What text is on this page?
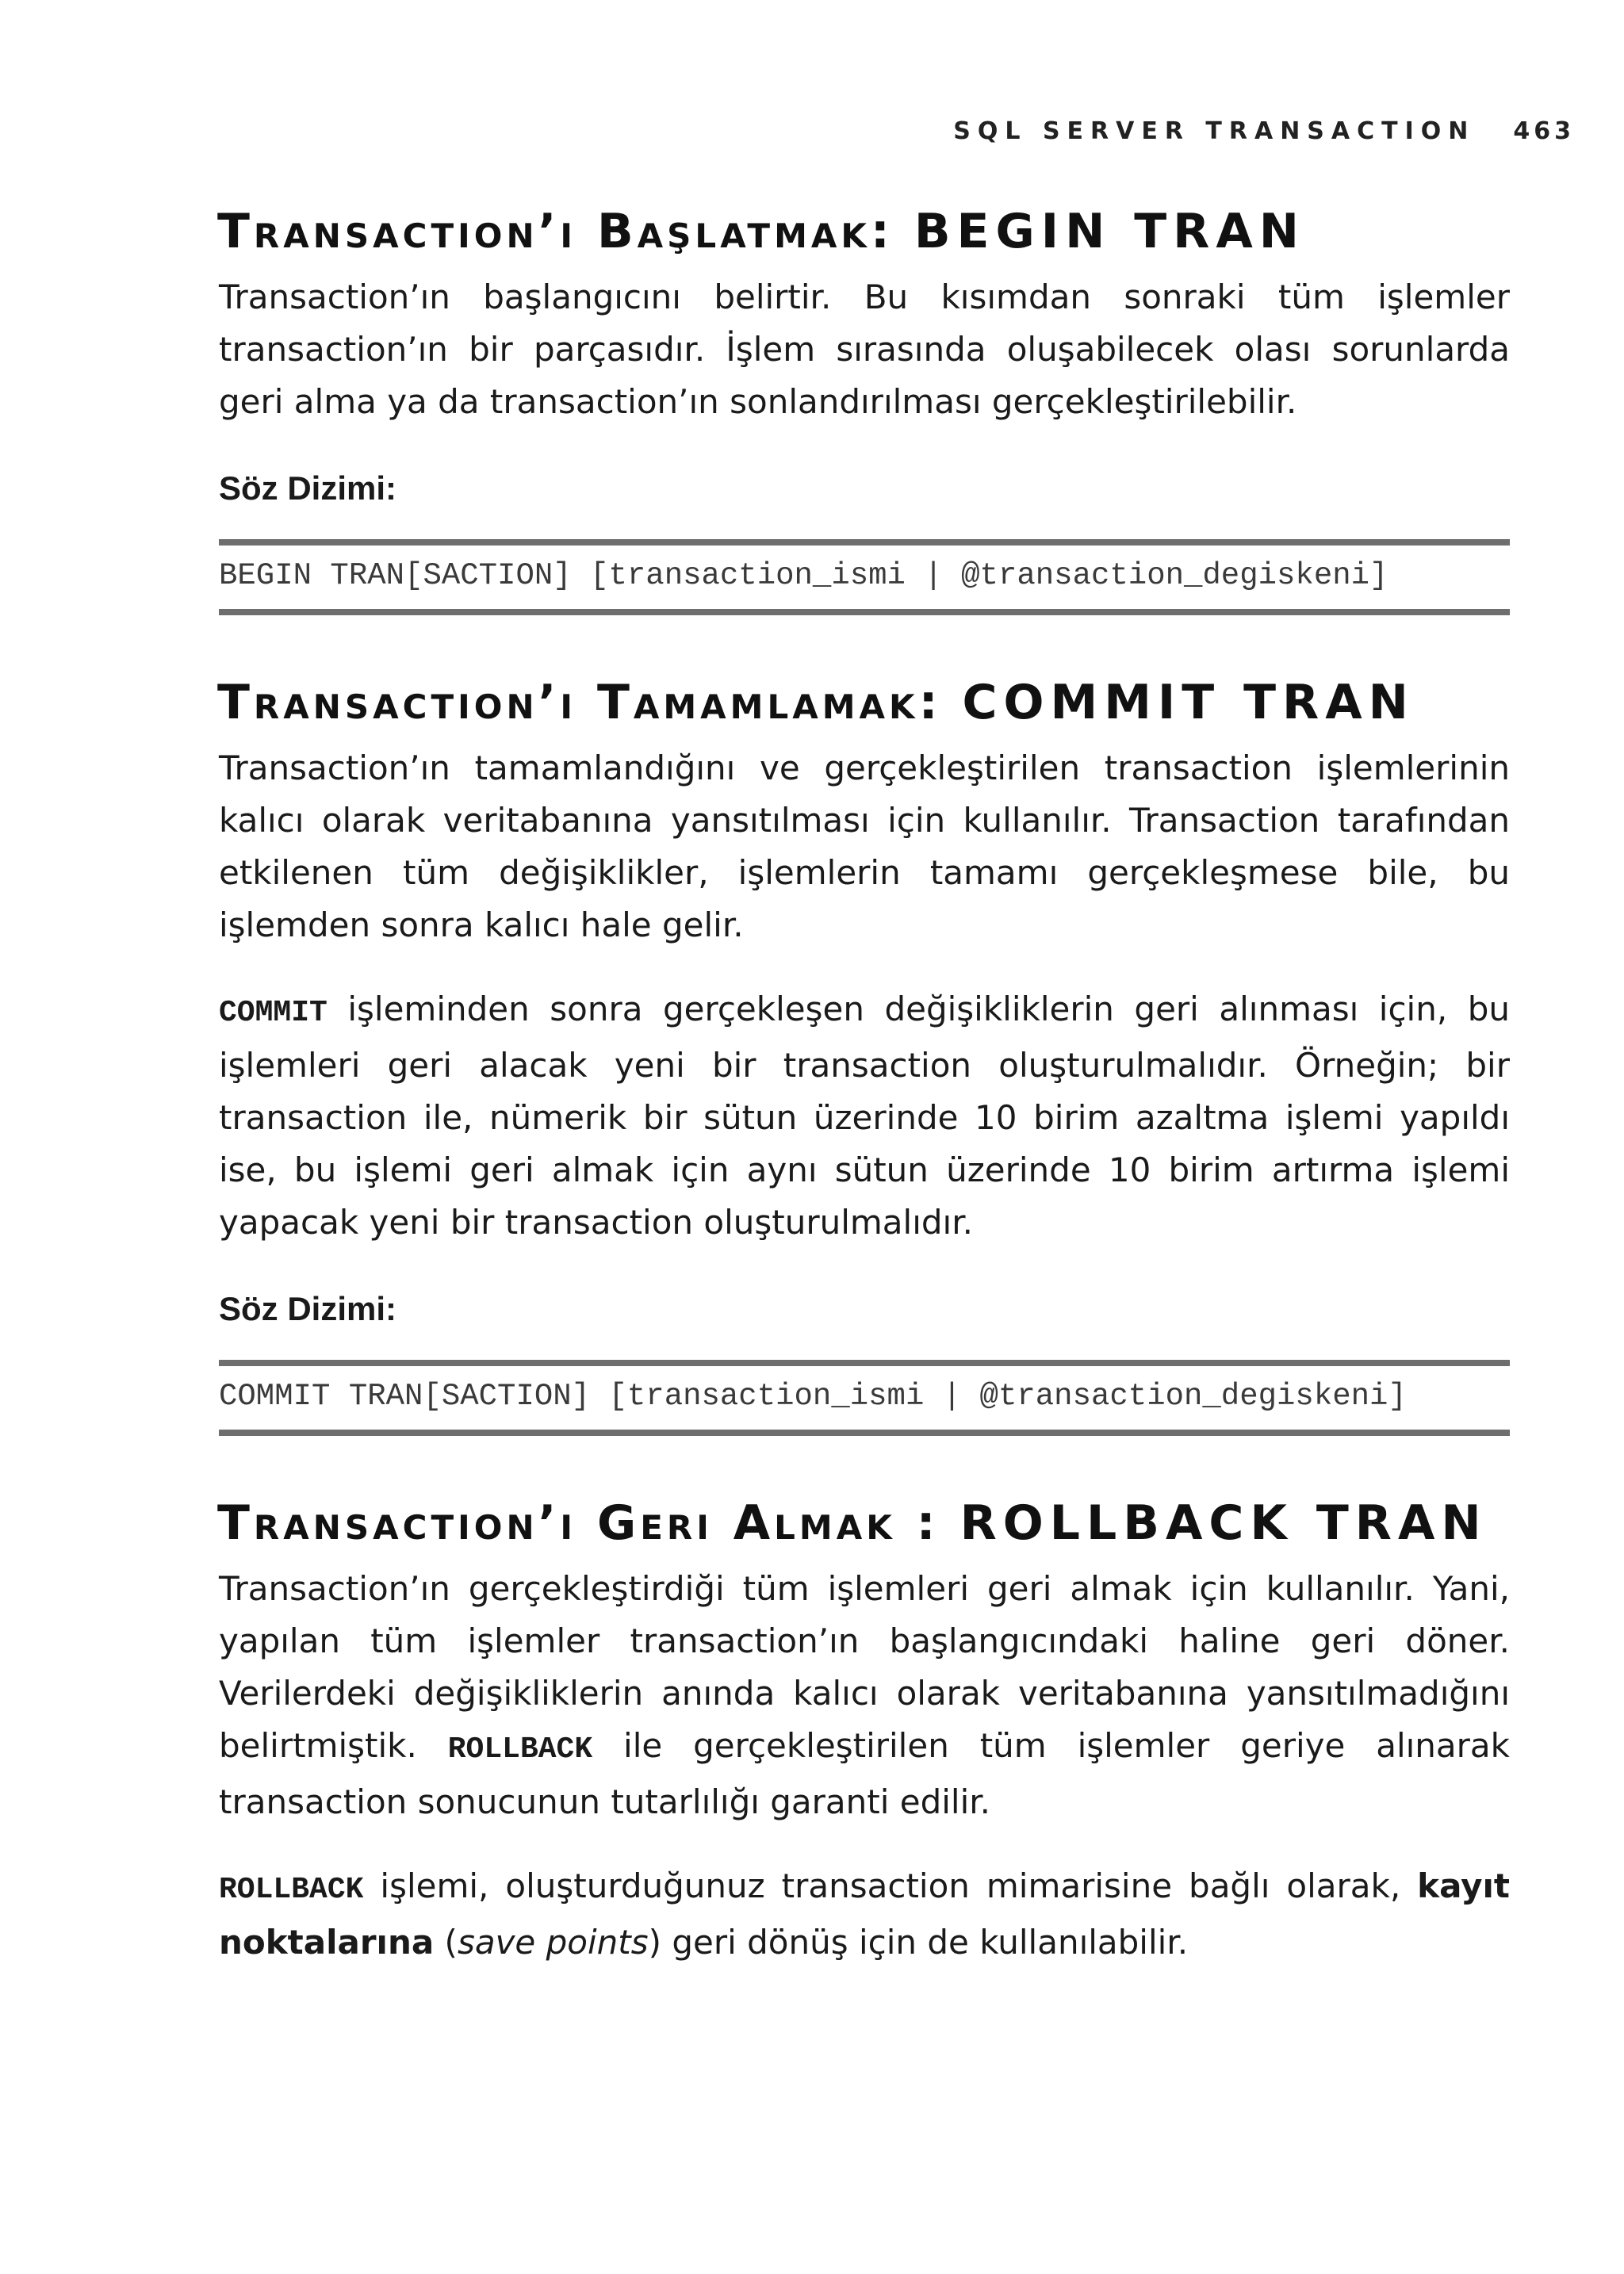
SQL SERVER TRANSACTION 463
Transaction’ı Başlatmak: BEGIN TRAN

Transaction’ın başlangıcını belirtir. Bu kısımdan sonraki tüm işlemler transaction’ın bir parçasıdır. İşlem sırasında oluşabilecek olası sorunlarda geri alma ya da transaction’ın sonlandırılması gerçekleştirilebilir.

Söz Dizimi:
BEGIN TRAN[SACTION] [transaction_ismi | @transaction_degiskeni]
Transaction’ı Tamamlamak: COMMIT TRAN

Transaction’ın tamamlandığını ve gerçekleştirilen transaction işlemlerinin kalıcı olarak veritabanına yansıtılması için kullanılır. Transaction tarafından etkilenen tüm değişiklikler, işlemlerin tamamı gerçekleşmese bile, bu işlemden sonra kalıcı hale gelir.

COMMIT işleminden sonra gerçekleşen değişikliklerin geri alınması için, bu işlemleri geri alacak yeni bir transaction oluşturulmalıdır. Örneğin; bir transaction ile, nümerik bir sütun üzerinde 10 birim azaltma işlemi yapıldı ise, bu işlemi geri almak için aynı sütun üzerinde 10 birim artırma işlemi yapacak yeni bir transaction oluşturulmalıdır.

Söz Dizimi:
COMMIT TRAN[SACTION] [transaction_ismi | @transaction_degiskeni]
Transaction’ı Geri Almak : ROLLBACK TRAN

Transaction’ın gerçekleştirdiği tüm işlemleri geri almak için kullanılır. Yani, yapılan tüm işlemler transaction’ın başlangıcındaki haline geri döner. Verilerdeki değişikliklerin anında kalıcı olarak veritabanına yansıtılmadığını belirtmiştik. ROLLBACK ile gerçekleştirilen tüm işlemler geriye alınarak transaction sonucunun tutarlılığı garanti edilir.

ROLLBACK işlemi, oluşturduğunuz transaction mimarisine bağlı olarak, kayıt noktalarına (save points) geri dönüş için de kullanılabilir.
